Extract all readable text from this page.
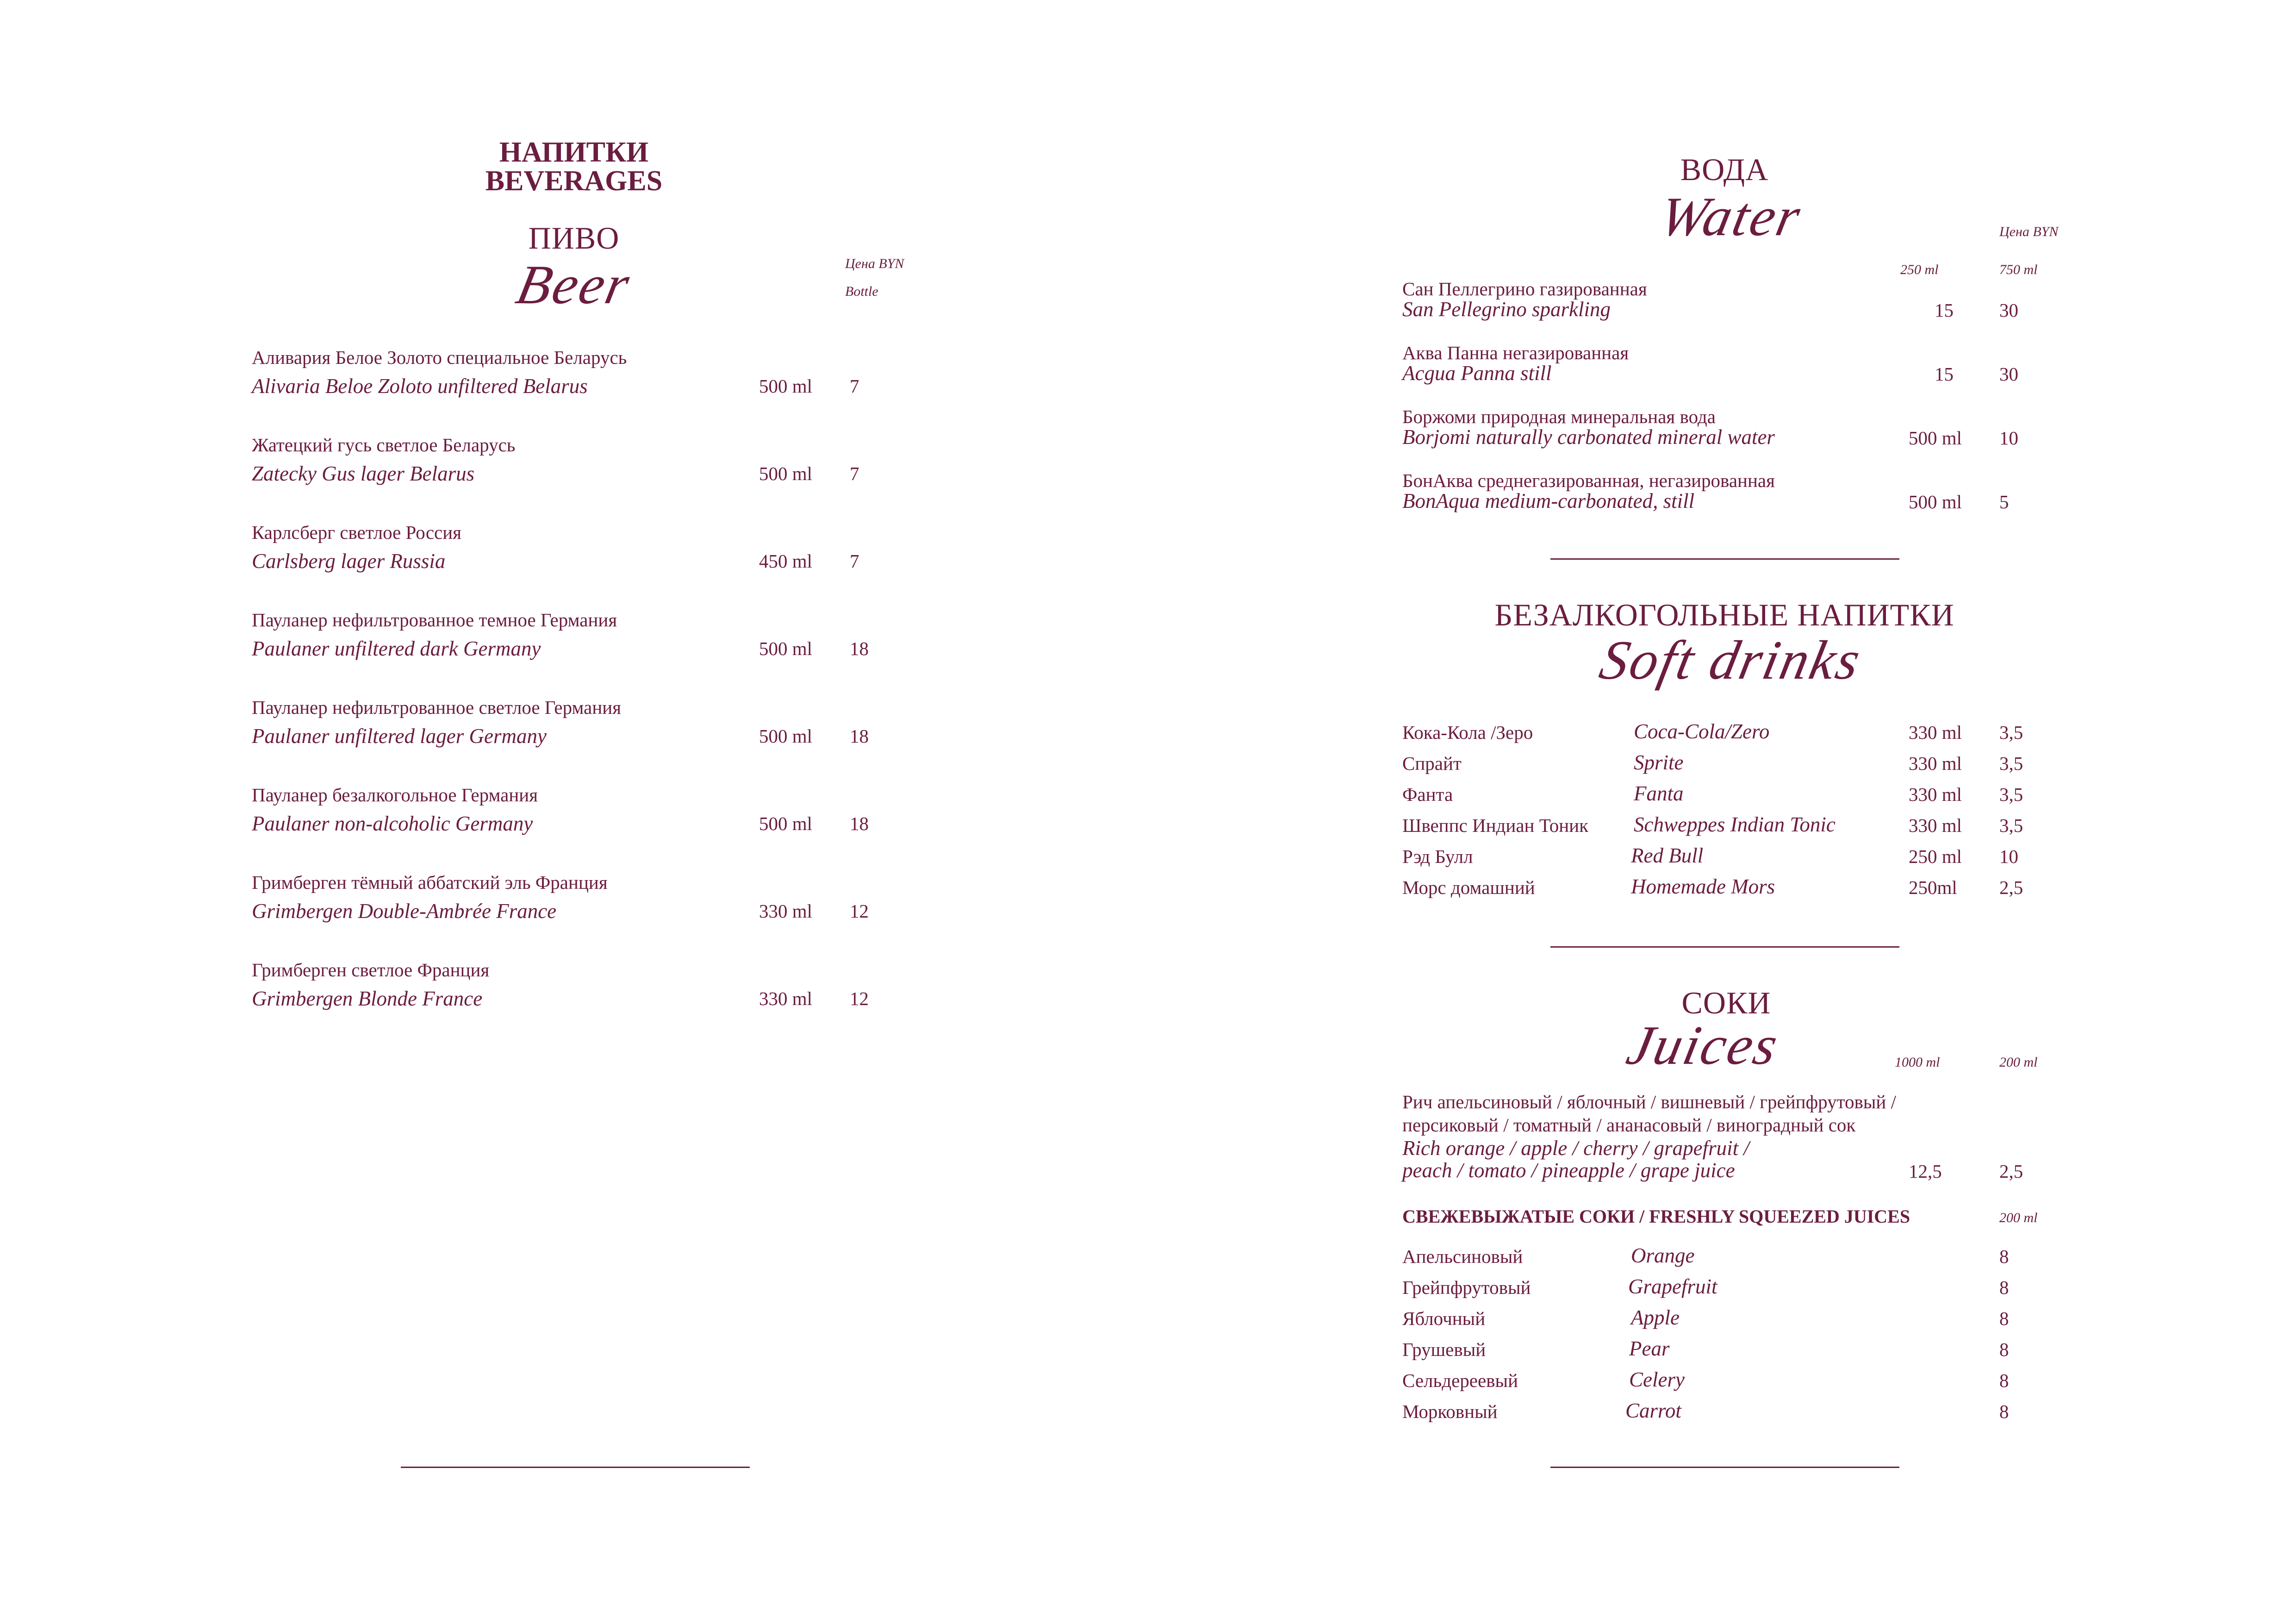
НАПИТКИ
BEVERAGES
ПИВО
Beer	Цена BYN
Bottle
Аливария Белое Золото специальное Беларусь
Alivaria Beloe Zoloto unfiltered Belarus	500 ml 7
Жатецкий гусь светлое Беларусь
Zatecky Gus lager Belarus	500 ml 7
Карлсберг светлое Россия
Carlsberg lager Russia	450 ml 7
Пауланер нефильтрованное темное Германия
Paulaner unfiltered dark Germany	500 ml 18
Пауланер нефильтрованное светлое Германия
Paulaner unfiltered lager Germany	500 ml 18
Пауланер безалкогольное Германия
Paulaner non-alcoholic Germany	500 ml 18
Гримберген тёмный аббатский эль Франция
Grimbergen Double-Ambrée France	330 ml 12
Гримберген светлое Франция
Grimbergen Blonde France	330 ml 12
ВОДА
Water	Цена BYN
250 ml	750 ml
Сан Пеллегрино газированная
San Pellegrino sparkling	15 30
Аква Панна негазированная
Acgua Panna still	15 30
Боржоми природная минеральная вода
Borjomi naturally carbonated mineral water	500 ml 10
БонАква среднегазированная, негазированная
BonAqua medium-carbonated, still	500 ml 5
БЕЗАЛКОГОЛЬНЫЕ НАПИТКИ
Soft drinks
Кока-Кола /Зеро	Coca-Cola/Zero	330 ml 3,5
Спрайт	Sprite	330 ml 3,5
Фанта	Fanta	330 ml 3,5
Швеппс Индиан Тоник Schweppes Indian Tonic	330 ml 3,5
Рэд Булл	Red Bull	250 ml 10
Морс домашний	Homemade Mors	250ml 2,5
СОКИ
Juices	1000 ml	200 ml
Рич апельсиновый / яблочный / вишневый / грейпфрутовый /
персиковый / томатный / ананасовый / виноградный сок
Rich orange / apple / cherry / grapefruit /
peach / tomato / pineapple / grape juice	12,5	2,5
СВЕЖЕВЫЖАТЫЕ СОКИ / FRESHLY SQUEEZED JUICES	200 ml
Апельсиновый	Orange	8
Грейпфрутовый	Grapefruit	8
Яблочный	Apple	8
Грушевый	Pear	8
Сельдереевый	Celery	8
Морковный	Carrot	8
